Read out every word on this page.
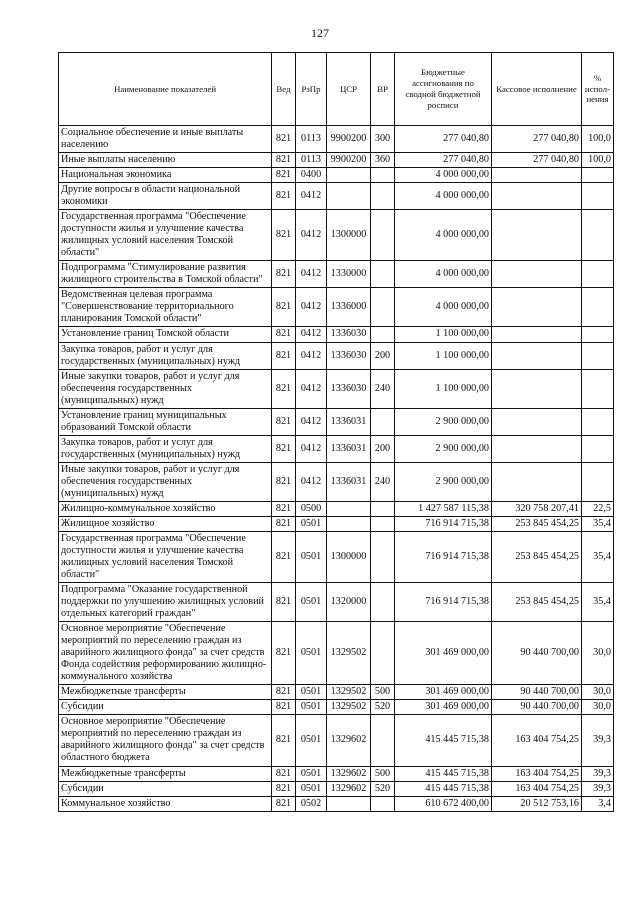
127
Наименование показателей	Вед	РзПр	ЦСР	ВР	Бюджетные ассигнования по сводной бюджетной росписи	Кассовое исполнение	% испол-нения
Социальное обеспечение и иные выплаты населению	821	0113	9900200	300	277 040,80	277 040,80	100,0
Иные выплаты населению	821	0113	9900200	360	277 040,80	277 040,80	100,0
Национальная экономика	821	0400			4 000 000,00		
Другие вопросы в области национальной экономики	821	0412			4 000 000,00		
Государственная программа "Обеспечение доступности жилья и улучшение качества жилищных условий населения Томской области"	821	0412	1300000		4 000 000,00		
Подпрограмма "Стимулирование развития жилищного строительства в Томской области"	821	0412	1330000		4 000 000,00		
Ведомственная целевая программа "Совершенствование территориального планирования Томской области"	821	0412	1336000		4 000 000,00		
Установление границ Томской области	821	0412	1336030		1 100 000,00		
Закупка товаров, работ и услуг для государственных (муниципальных) нужд	821	0412	1336030	200	1 100 000,00		
Иные закупки товаров, работ и услуг для обеспечения государственных (муниципальных) нужд	821	0412	1336030	240	1 100 000,00		
Установление границ муниципальных образований Томской области	821	0412	1336031		2 900 000,00		
Закупка товаров, работ и услуг для государственных (муниципальных) нужд	821	0412	1336031	200	2 900 000,00		
Иные закупки товаров, работ и услуг для обеспечения государственных (муниципальных) нужд	821	0412	1336031	240	2 900 000,00		
Жилищно-коммунальное хозяйство	821	0500			1 427 587 115,38	320 758 207,41	22,5
Жилищное хозяйство	821	0501			716 914 715,38	253 845 454,25	35,4
Государственная программа "Обеспечение доступности жилья и улучшение качества жилищных условий населения Томской области"	821	0501	1300000		716 914 715,38	253 845 454,25	35,4
Подпрограмма "Оказание государственной поддержки по улучшению жилищных условий отдельных категорий граждан"	821	0501	1320000		716 914 715,38	253 845 454,25	35,4
Основное мероприятие "Обеспечение мероприятий по переселению граждан из аварийного жилищного фонда" за счет средств Фонда содействия реформированию жилищно-коммунального хозяйства	821	0501	1329502		301 469 000,00	90 440 700,00	30,0
Межбюджетные трансферты	821	0501	1329502	500	301 469 000,00	90 440 700,00	30,0
Субсидии	821	0501	1329502	520	301 469 000,00	90 440 700,00	30,0
Основное мероприятие "Обеспечение мероприятий по переселению граждан из аварийного жилищного фонда" за счет средств областного бюджета	821	0501	1329602		415 445 715,38	163 404 754,25	39,3
Межбюджетные трансферты	821	0501	1329602	500	415 445 715,38	163 404 754,25	39,3
Субсидии	821	0501	1329602	520	415 445 715,38	163 404 754,25	39,3
Коммунальное хозяйство	821	0502			610 672 400,00	20 512 753,16	3,4
